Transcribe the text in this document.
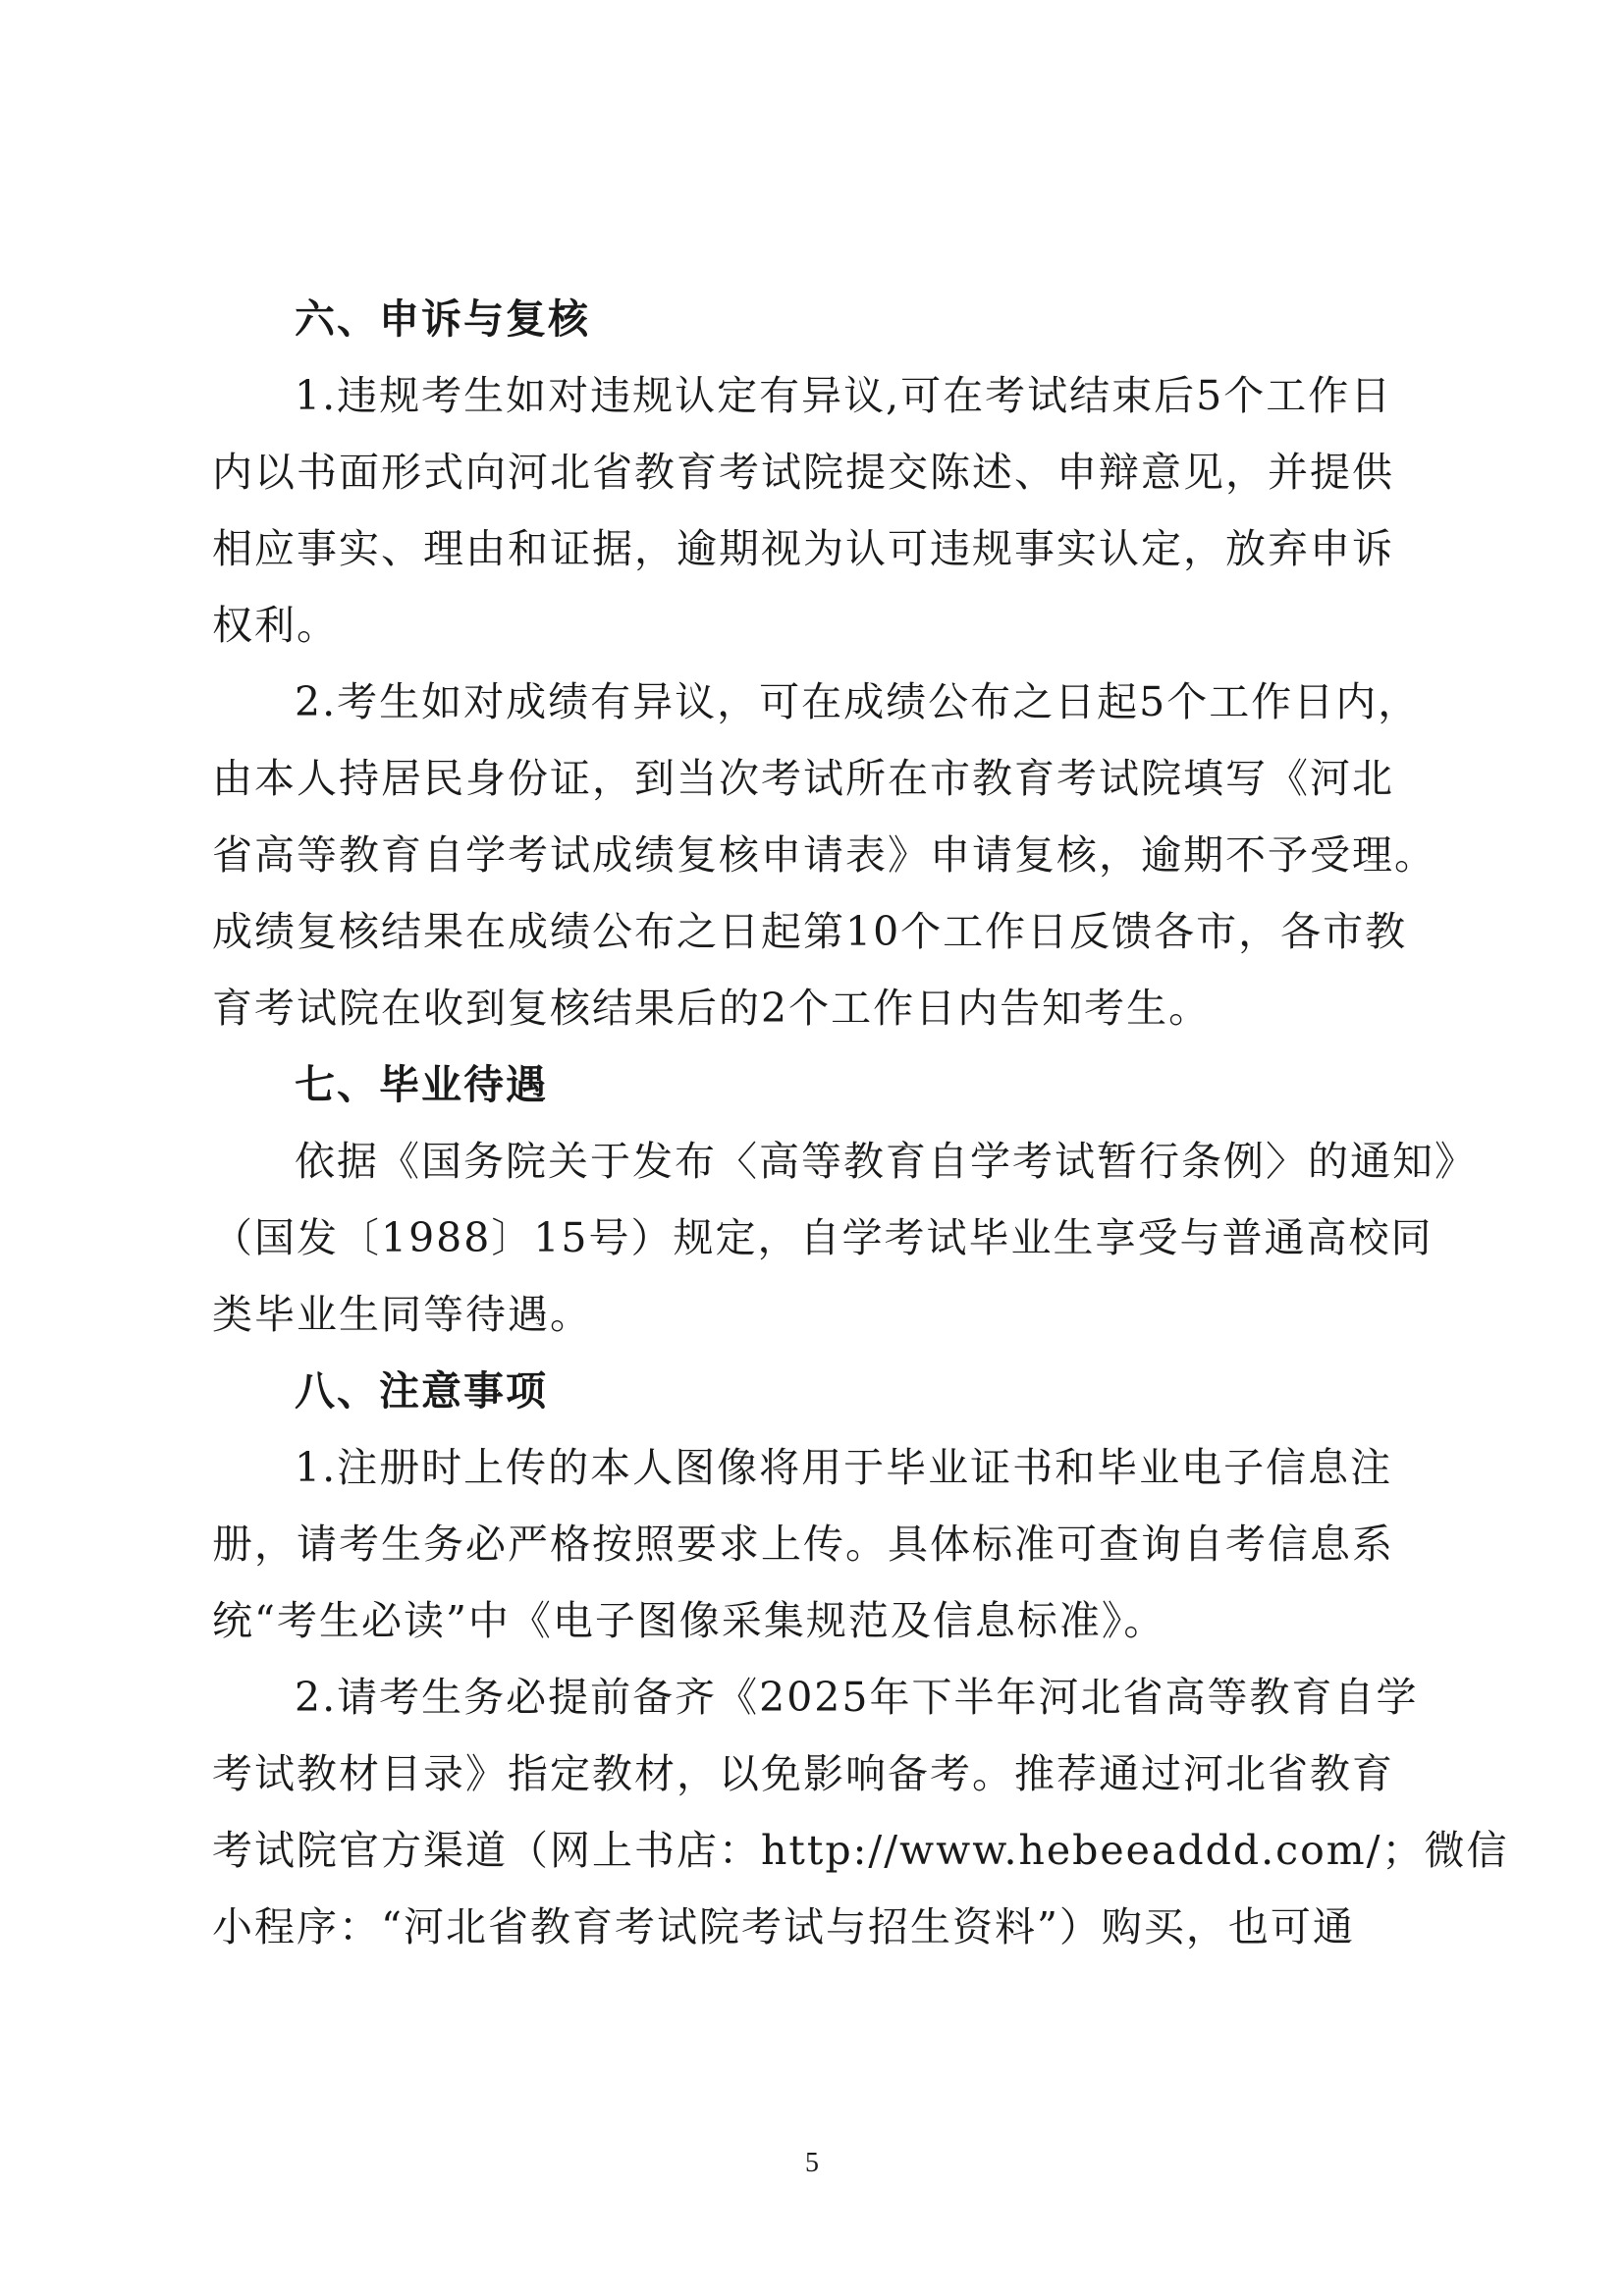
六、申诉与复核
1.违规考生如对违规认定有异议,可在考试结束后5个工作日
内以书面形式向河北省教育考试院提交陈述、申辩意见，并提供
相应事实、理由和证据，逾期视为认可违规事实认定，放弃申诉
权利。
2.考生如对成绩有异议，可在成绩公布之日起5个工作日内，
由本人持居民身份证，到当次考试所在市教育考试院填写《河北
省高等教育自学考试成绩复核申请表》申请复核，逾期不予受理。
成绩复核结果在成绩公布之日起第10个工作日反馈各市，各市教
育考试院在收到复核结果后的2个工作日内告知考生。
七、毕业待遇
依据《国务院关于发布〈高等教育自学考试暂行条例〉的通知》
（国发〔1988〕15号）规定，自学考试毕业生享受与普通高校同
类毕业生同等待遇。
八、注意事项
1.注册时上传的本人图像将用于毕业证书和毕业电子信息注
册，请考生务必严格按照要求上传。具体标准可查询自考信息系
统“考生必读”中《电子图像采集规范及信息标准》。
2.请考生务必提前备齐《2025年下半年河北省高等教育自学
考试教材目录》指定教材，以免影响备考。推荐通过河北省教育
考试院官方渠道（网上书店：http://www.hebeeaddd.com/；微信
小程序：“河北省教育考试院考试与招生资料”）购买，也可通
5
